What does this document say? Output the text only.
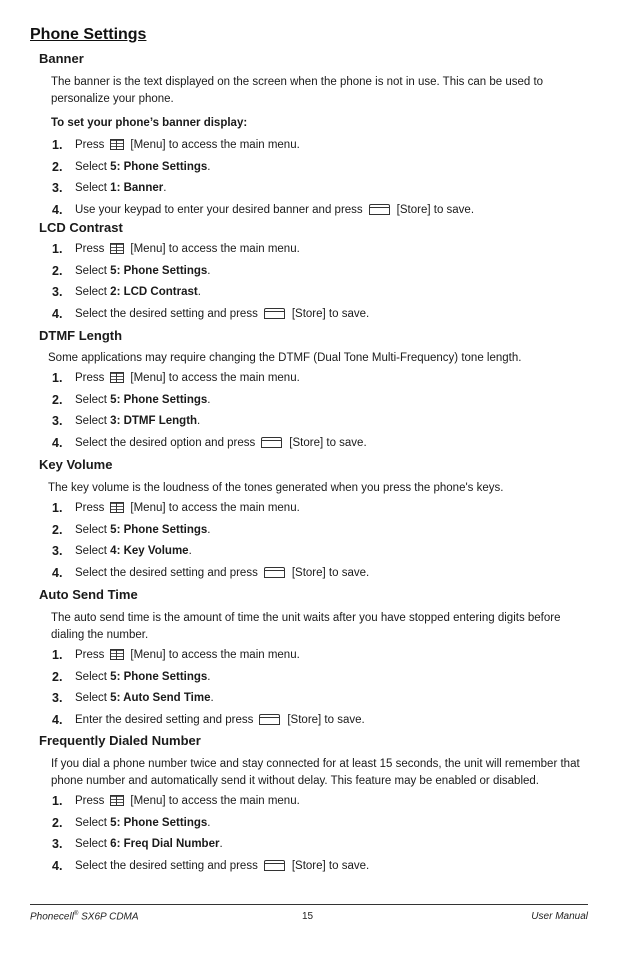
Phone Settings
Banner
The banner is the text displayed on the screen when the phone is not in use. This can be used to personalize your phone.
To set your phone’s banner display:
1. Press [Menu] to access the main menu.
2. Select 5: Phone Settings.
3. Select 1: Banner.
4. Use your keypad to enter your desired banner and press	[Store] to save.
LCD Contrast
1. Press [Menu] to access the main menu.
2. Select 5: Phone Settings.
3. Select 2: LCD Contrast.
4. Select the desired setting and press	[Store] to save.
DTMF Length
Some applications may require changing the DTMF (Dual Tone Multi-Frequency) tone length.
1. Press [Menu] to access the main menu.
2. Select 5: Phone Settings.
3. Select 3: DTMF Length.
4. Select the desired option and press	[Store] to save.
Key Volume
The key volume is the loudness of the tones generated when you press the phone's keys.
1. Press [Menu] to access the main menu.
2. Select 5: Phone Settings.
3. Select 4: Key Volume.
4. Select the desired setting and press	[Store] to save.
Auto Send Time
The auto send time is the amount of time the unit waits after you have stopped entering digits before dialing the number.
1. Press [Menu] to access the main menu.
2. Select 5: Phone Settings.
3. Select 5: Auto Send Time.
4. Enter the desired setting and press	[Store] to save.
Frequently Dialed Number
If you dial a phone number twice and stay connected for at least 15 seconds, the unit will remember that phone number and automatically send it without delay. This feature may be enabled or disabled.
1. Press [Menu] to access the main menu.
2. Select 5: Phone Settings.
3. Select 6: Freq Dial Number.
4. Select the desired setting and press	[Store] to save.
Phonecell® SX6P CDMA	15	User Manual
